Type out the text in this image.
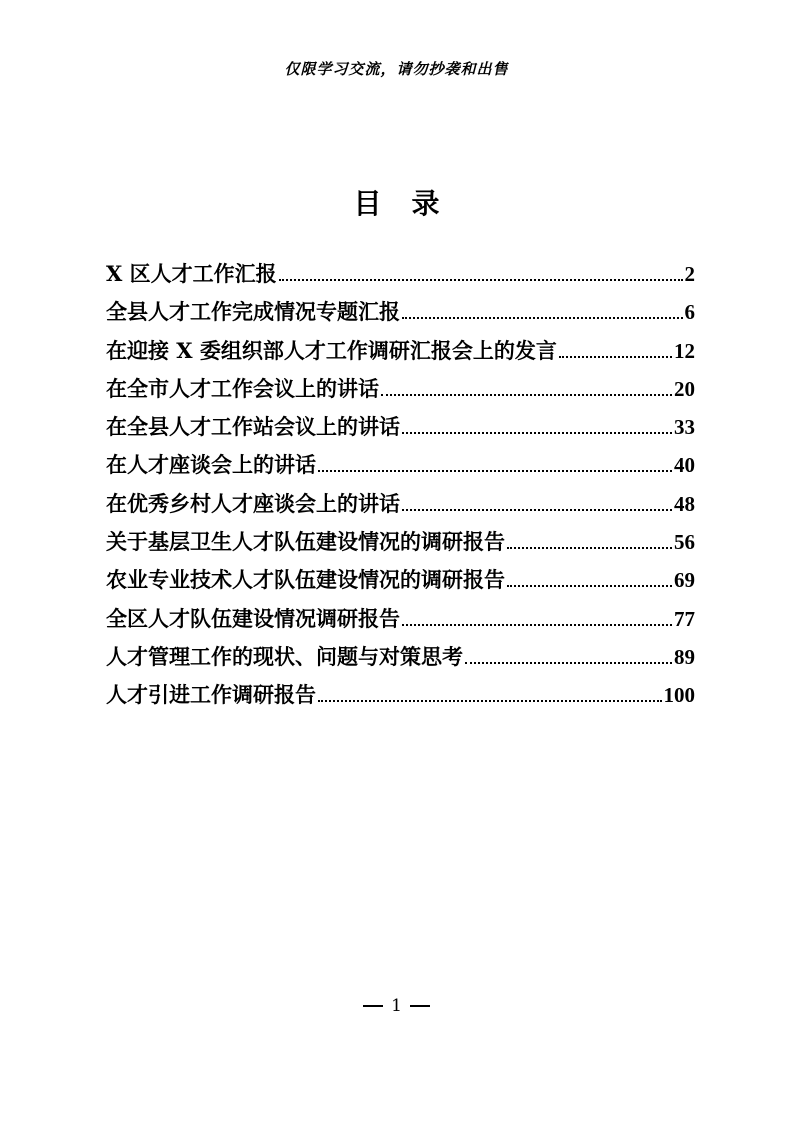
仅限学习交流，请勿抄袭和出售
目录
X 区人才工作汇报	2
全县人才工作完成情况专题汇报	6
在迎接 X 委组织部人才工作调研汇报会上的发言	12
在全市人才工作会议上的讲话	20
在全县人才工作站会议上的讲话	33
在人才座谈会上的讲话	40
在优秀乡村人才座谈会上的讲话	48
关于基层卫生人才队伍建设情况的调研报告	56
农业专业技术人才队伍建设情况的调研报告	69
全区人才队伍建设情况调研报告	77
人才管理工作的现状、问题与对策思考	89
人才引进工作调研报告	100
1
